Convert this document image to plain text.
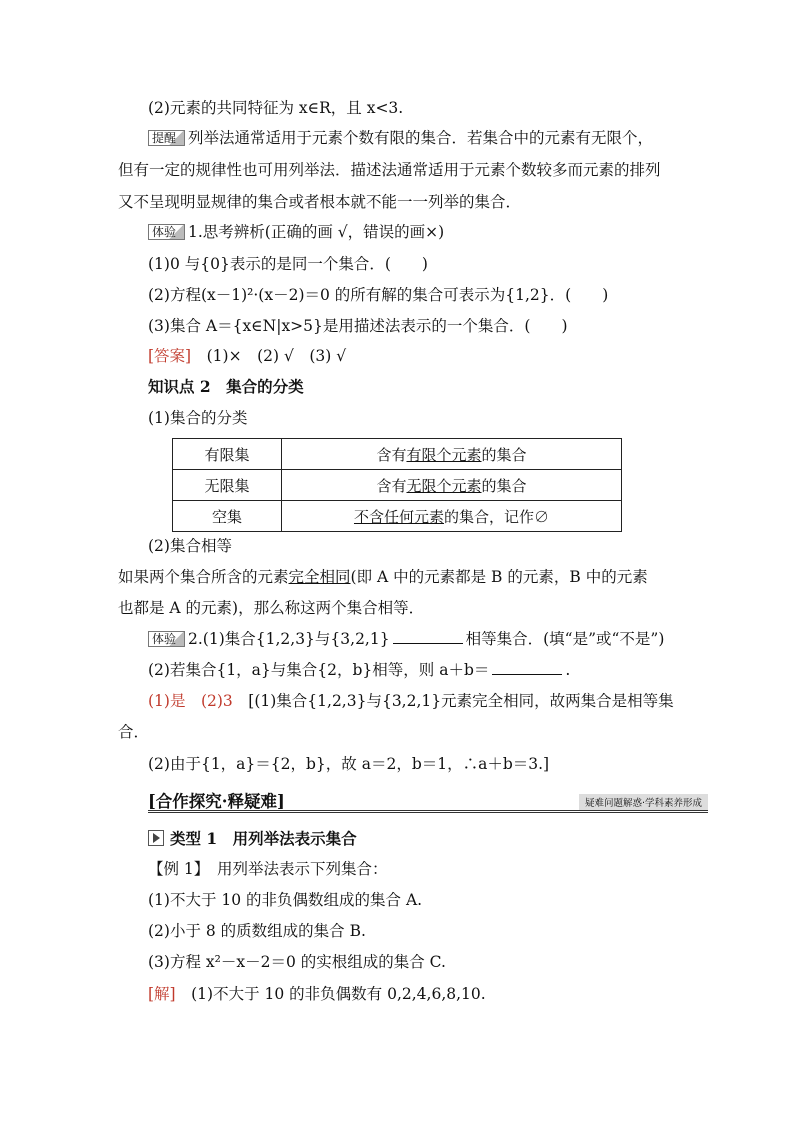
(2)元素的共同特征为 x∈R，且 x<3.
提醒 列举法通常适用于元素个数有限的集合．若集合中的元素有无限个，
但有一定的规律性也可用列举法．描述法通常适用于元素个数较多而元素的排列
又不呈现明显规律的集合或者根本就不能一一列举的集合．
体验 1.思考辨析(正确的画 √，错误的画×)
(1)0 与{0}表示的是同一个集合．(　　)
(2)方程(x－1)²·(x－2)＝0 的所有解的集合可表示为{1,2}．(　　)
(3)集合 A＝{x∈N|x>5}是用描述法表示的一个集合．(　　)
[答案]　 (1)×　(2) √　(3) √
知识点 2　集合的分类
(1)集合的分类
有限集	含有有限个元素的集合
无限集	含有无限个元素的集合
空集	不含任何元素的集合，记作∅
(2)集合相等
如果两个集合所含的元素完全相同(即 A 中的元素都是 B 的元素，B 中的元素
也都是 A 的元素)，那么称这两个集合相等．
体验 2.(1)集合{1,2,3}与{3,2,1}	相等集合．(填“是”或“不是”)
(2)若集合{1，a}与集合{2，b}相等，则 a＋b＝	.
(1)是　(2)3　 [(1)集合{1,2,3}与{3,2,1}元素完全相同，故两集合是相等集
合．
(2)由于{1，a}＝{2，b}，故 a＝2，b＝1，∴a＋b＝3.]
[合作探究·释疑难]	疑难问题解惑·学科素养形成
类型 1　用列举法表示集合
【例 1】　用列举法表示下列集合：
(1)不大于 10 的非负偶数组成的集合 A.
(2)小于 8 的质数组成的集合 B.
(3)方程 x²－x－2＝0 的实根组成的集合 C.
[解]　 (1)不大于 10 的非负偶数有 0,2,4,6,8,10.
